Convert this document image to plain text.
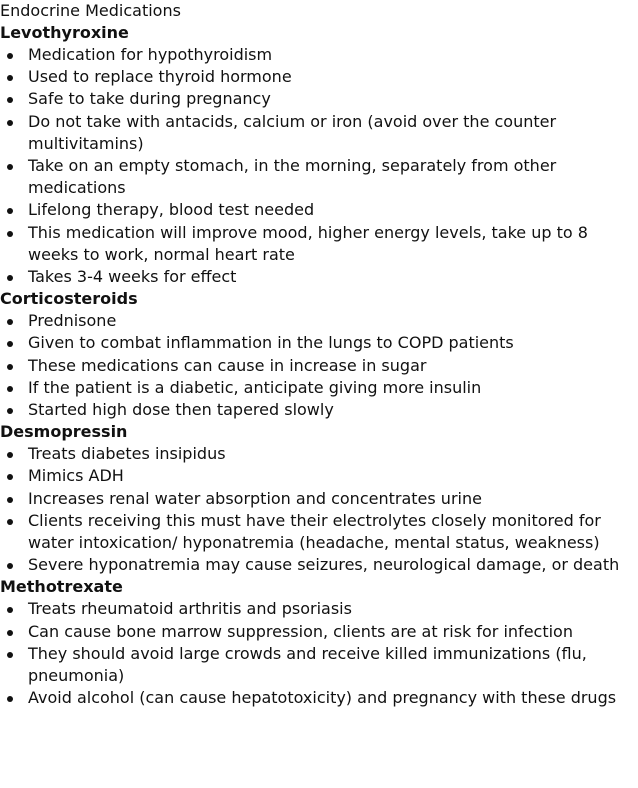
Endocrine Medications
Levothyroxine
Medication for hypothyroidism
Used to replace thyroid hormone
Safe to take during pregnancy
Do not take with antacids, calcium or iron (avoid over the counter multivitamins)
Take on an empty stomach, in the morning, separately from other medications
Lifelong therapy, blood test needed
This medication will improve mood, higher energy levels, take up to 8 weeks to work, normal heart rate
Takes 3-4 weeks for effect
Corticosteroids
Prednisone
Given to combat inflammation in the lungs to COPD patients
These medications can cause in increase in sugar
If the patient is a diabetic, anticipate giving more insulin
Started high dose then tapered slowly
Desmopressin
Treats diabetes insipidus
Mimics ADH
Increases renal water absorption and concentrates urine
Clients receiving this must have their electrolytes closely monitored for water intoxication/ hyponatremia (headache, mental status, weakness)
Severe hyponatremia may cause seizures, neurological damage, or death
Methotrexate
Treats rheumatoid arthritis and psoriasis
Can cause bone marrow suppression, clients are at risk for infection
They should avoid large crowds and receive killed immunizations (flu, pneumonia)
Avoid alcohol (can cause hepatotoxicity) and pregnancy with these drugs
